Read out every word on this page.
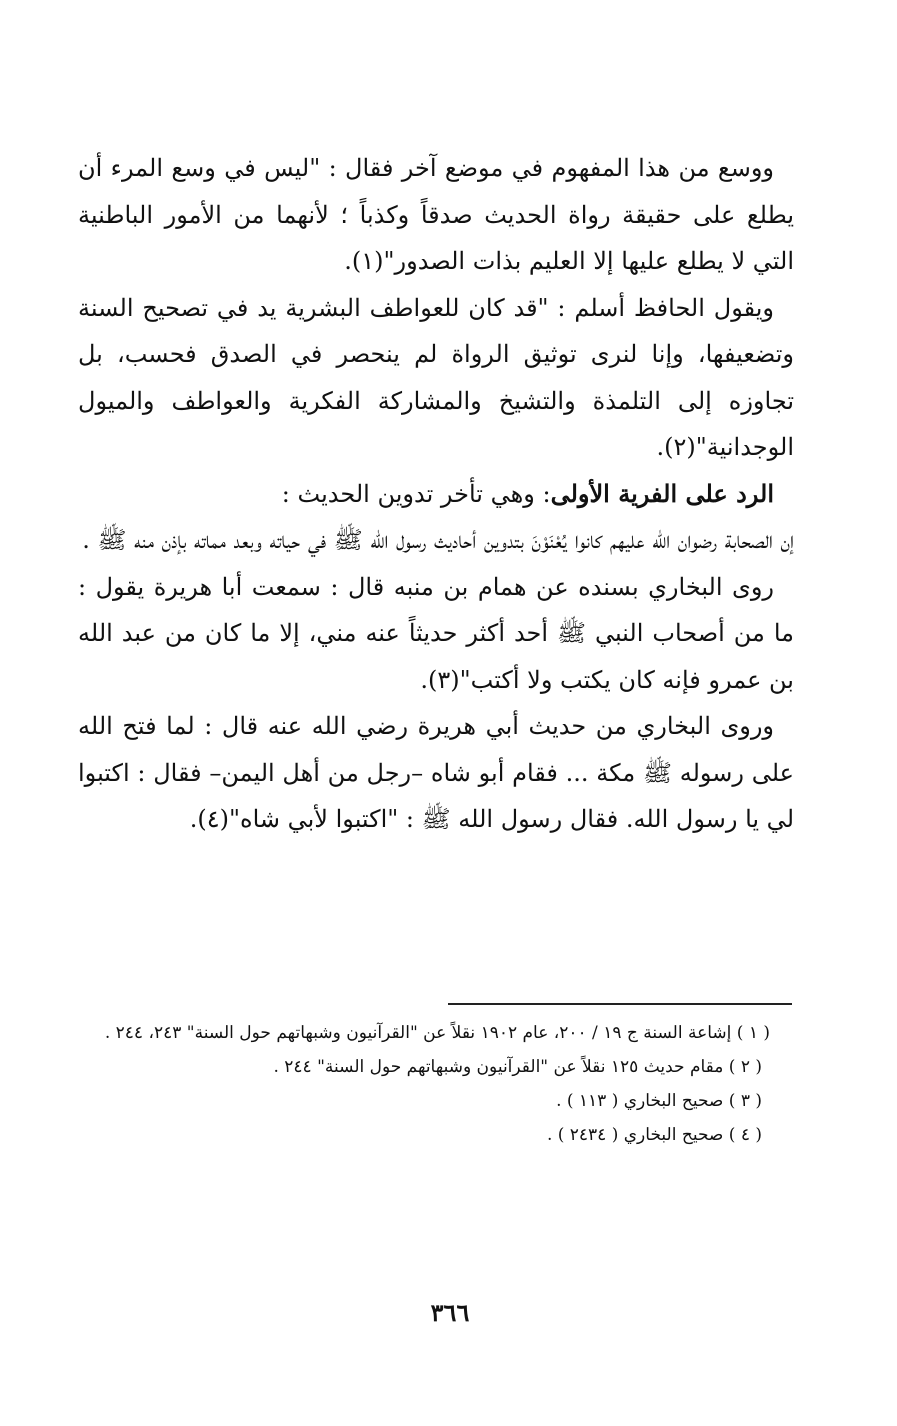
ووسع من هذا المفهوم في موضع آخر فقال : "ليس في وسع المرء أن يطلع على حقيقة رواة الحديث صدقاً وكذباً ؛ لأنهما من الأمور الباطنية التي لا يطلع عليها إلا العليم بذات الصدور"(١).

ويقول الحافظ أسلم : "قد كان للعواطف البشرية يد في تصحيح السنة وتضعيفها، وإنا لنرى توثيق الرواة لم ينحصر في الصدق فحسب، بل تجاوزه إلى التلمذة والتشيخ والمشاركة الفكرية والعواطف والميول الوجدانية"(٢).

الرد على الفرية الأولى: وهي تأخر تدوين الحديث :

إن الصحابة رضوان الله عليهم كانوا يُعْنَوْنَ بتدوين أحاديث رسول الله ﷺ في حياته وبعد مماته بإذن منه ﷺ .

روى البخاري بسنده عن همام بن منبه قال : سمعت أبا هريرة يقول : ما من أصحاب النبي ﷺ أحد أكثر حديثاً عنه مني، إلا ما كان من عبد الله بن عمرو فإنه كان يكتب ولا أكتب"(٣).

وروى البخاري من حديث أبي هريرة رضي الله عنه قال : لما فتح الله على رسوله ﷺ مكة ... فقام أبو شاه –رجل من أهل اليمن– فقال : اكتبوا لي يا رسول الله. فقال رسول الله ﷺ : "اكتبوا لأبي شاه"(٤).

( ١ ) إشاعة السنة ج ١٩ / ٢٠٠، عام ١٩٠٢ نقلاً عن "القرآنيون وشبهاتهم حول السنة" ٢٤٣، ٢٤٤ .

( ٢ ) مقام حديث ١٢٥ نقلاً عن "القرآنيون وشبهاتهم حول السنة" ٢٤٤ .

( ٣ ) صحيح البخاري ( ١١٣ ) .

( ٤ ) صحيح البخاري ( ٢٤٣٤ ) .

٣٦٦
